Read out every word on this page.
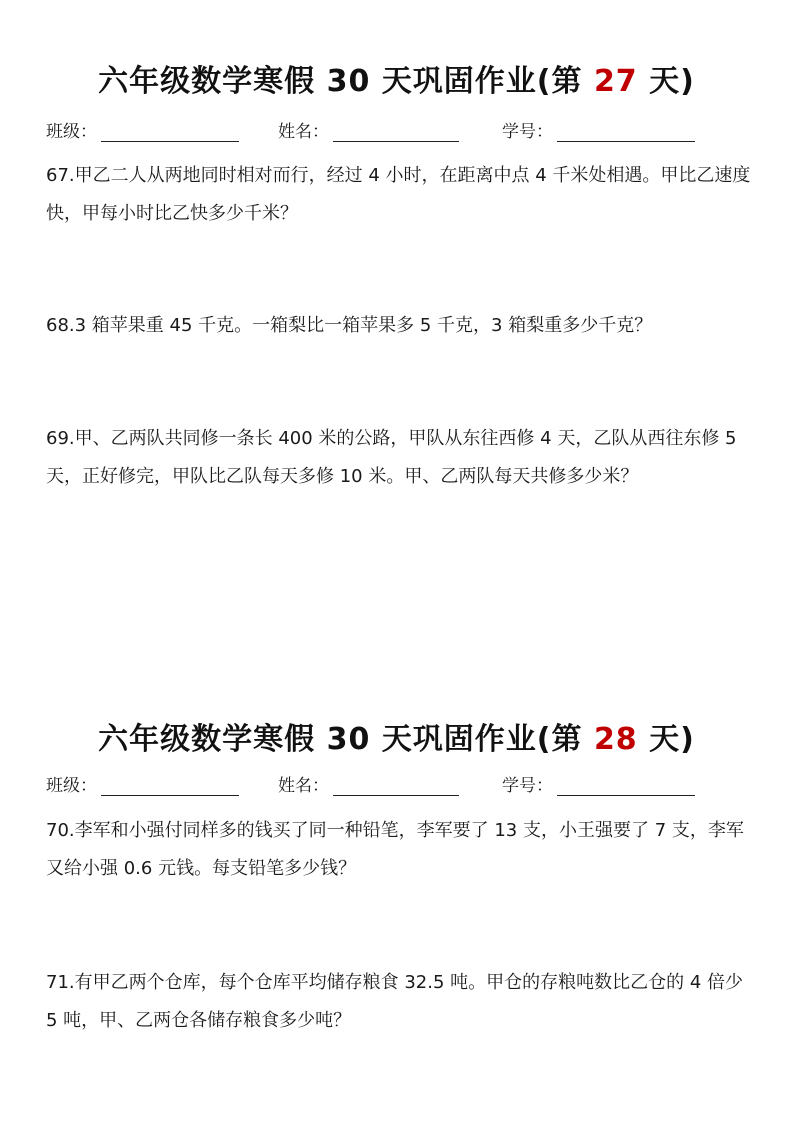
六年级数学寒假 30 天巩固作业(第 27 天)
班级：	姓名：	学号：
67.甲乙二人从两地同时相对而行，经过 4 小时，在距离中点 4 千米处相遇。甲比乙速度快，甲每小时比乙快多少千米？
68.3 箱苹果重 45 千克。一箱梨比一箱苹果多 5 千克，3 箱梨重多少千克？
69.甲、乙两队共同修一条长 400 米的公路，甲队从东往西修 4 天，乙队从西往东修 5 天，正好修完，甲队比乙队每天多修 10 米。甲、乙两队每天共修多少米？
六年级数学寒假 30 天巩固作业(第 28 天)
班级：	姓名：	学号：
70.李军和小强付同样多的钱买了同一种铅笔，李军要了 13 支，小王强要了 7 支，李军又给小强 0.6 元钱。每支铅笔多少钱？
71.有甲乙两个仓库，每个仓库平均储存粮食 32.5 吨。甲仓的存粮吨数比乙仓的 4 倍少 5 吨，甲、乙两仓各储存粮食多少吨？
